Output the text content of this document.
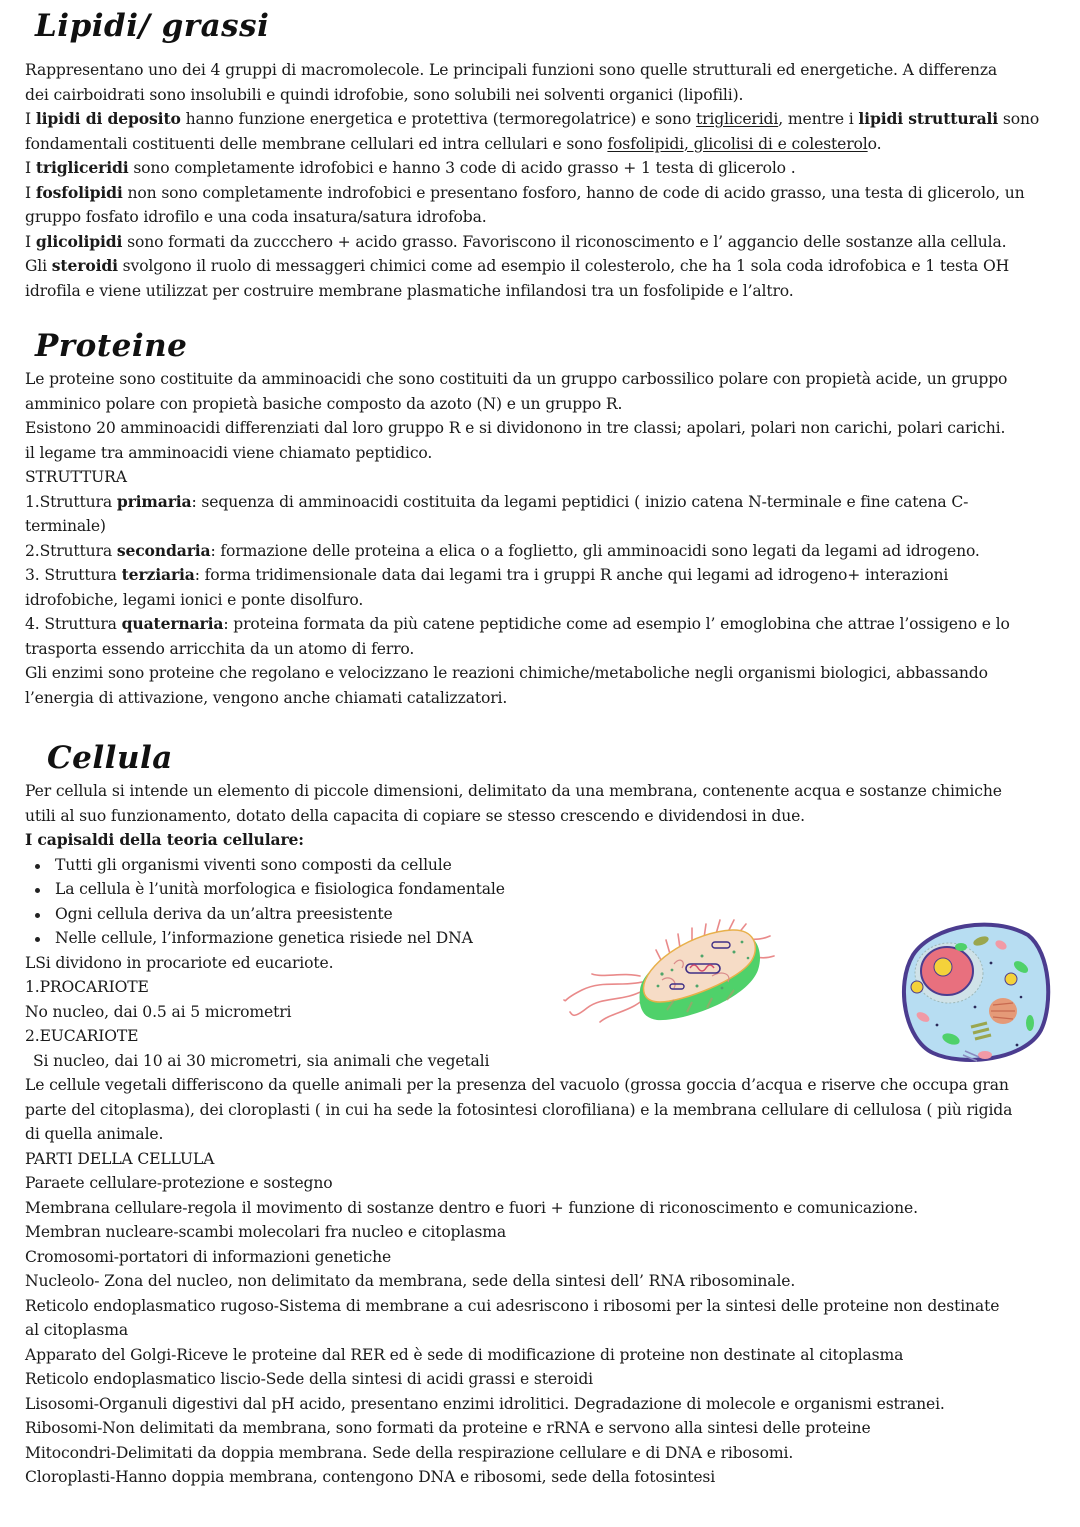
Lipidi/ grassi
Rappresentano uno dei 4 gruppi di macromolecole. Le principali funzioni sono quelle strutturali ed energetiche. A differenza
dei cairboidrati sono insolubili e quindi idrofobie, sono solubili nei solventi organici (lipofili).
I lipidi di deposito hanno funzione energetica e protettiva (termoregolatrice) e sono trigliceridi, mentre i lipidi strutturali sono
fondamentali costituenti delle membrane cellulari ed intra cellulari e sono fosfolipidi, glicolisi di e colesterolo.
I trigliceridi sono completamente idrofobici e hanno 3 code di acido grasso + 1 testa di glicerolo .
I fosfolipidi non sono completamente indrofobici e presentano fosforo, hanno de code di acido grasso, una testa di glicerolo, un
gruppo fosfato idrofilo e una coda insatura/satura idrofoba.
I glicolipidi sono formati da zuccchero + acido grasso. Favoriscono il riconoscimento e l’ aggancio delle sostanze alla cellula.
Gli steroidi svolgono il ruolo di messaggeri chimici come ad esempio il colesterolo, che ha 1 sola coda idrofobica e 1 testa OH
idrofila e viene utilizzat per costruire membrane plasmatiche infilandosi tra un fosfolipide e l’altro.
Proteine
Le proteine sono costituite da amminoacidi che sono costituiti da un gruppo carbossilico polare con propietà acide, un gruppo
amminico polare con propietà basiche composto da azoto (N) e un gruppo R.
Esistono 20 amminoacidi differenziati dal loro gruppo R e si dividonono in tre classi; apolari, polari non carichi, polari carichi.
il legame tra amminoacidi viene chiamato peptidico.
STRUTTURA
1.Struttura primaria: sequenza di amminoacidi costituita da legami peptidici ( inizio catena N-terminale e fine catena C-
terminale)
2.Struttura secondaria: formazione delle proteina a elica o a foglietto, gli amminoacidi sono legati da legami ad idrogeno.
3. Struttura terziaria: forma tridimensionale data dai legami tra i gruppi R anche qui legami ad idrogeno+ interazioni
idrofobiche, legami ionici e ponte disolfuro.
4. Struttura quaternaria: proteina formata da più catene peptidiche come ad esempio l’ emoglobina che attrae l’ossigeno e lo
trasporta essendo arricchita da un atomo di ferro.
Gli enzimi sono proteine che regolano e velocizzano le reazioni chimiche/metaboliche negli organismi biologici, abbassando
l’energia di attivazione, vengono anche chiamati catalizzatori.
Cellula
Per cellula si intende un elemento di piccole dimensioni, delimitato da una membrana, contenente acqua e sostanze chimiche
utili al suo funzionamento, dotato della capacita di copiare se stesso crescendo e dividendosi in due.
I capisaldi della teoria cellulare:
Tutti gli organismi viventi sono composti da cellule
La cellula è l’unità morfologica e fisiologica fondamentale
Ogni cellula deriva da un’altra preesistente
Nelle cellule, l’informazione genetica risiede nel DNA
LSi dividono in procariote ed eucariote.
1.PROCARIOTE
No nucleo, dai 0.5 ai 5 micrometri
2.EUCARIOTE
Si nucleo, dai 10 ai 30 micrometri, sia animali che vegetali
Le cellule vegetali differiscono da quelle animali per la presenza del vacuolo (grossa goccia d’acqua e riserve che occupa gran
parte del citoplasma), dei cloroplasti ( in cui ha sede la fotosintesi clorofiliana) e la membrana cellulare di cellulosa ( più rigida
di quella animale.
PARTI DELLA CELLULA
Paraete cellulare-protezione e sostegno
Membrana cellulare-regola il movimento di sostanze dentro e fuori + funzione di riconoscimento e comunicazione.
Membran nucleare-scambi molecolari fra nucleo e citoplasma
Cromosomi-portatori di informazioni genetiche
Nucleolo- Zona del nucleo, non delimitato da membrana, sede della sintesi dell’ RNA ribosominale.
Reticolo endoplasmatico rugoso-Sistema di membrane a cui adesriscono i ribosomi per la sintesi delle proteine non destinate
al citoplasma
Apparato del Golgi-Riceve le proteine dal RER ed è sede di modificazione di proteine non destinate al citoplasma
Reticolo endoplasmatico liscio-Sede della sintesi di acidi grassi e steroidi
Lisosomi-Organuli digestivi dal pH acido, presentano enzimi idrolitici. Degradazione di molecole e organismi estranei.
Ribosomi-Non delimitati da membrana, sono formati da proteine e rRNA e servono alla sintesi delle proteine
Mitocondri-Delimitati da doppia membrana. Sede della respirazione cellulare e di DNA e ribosomi.
Cloroplasti-Hanno doppia membrana, contengono DNA e ribosomi, sede della fotosintesi
